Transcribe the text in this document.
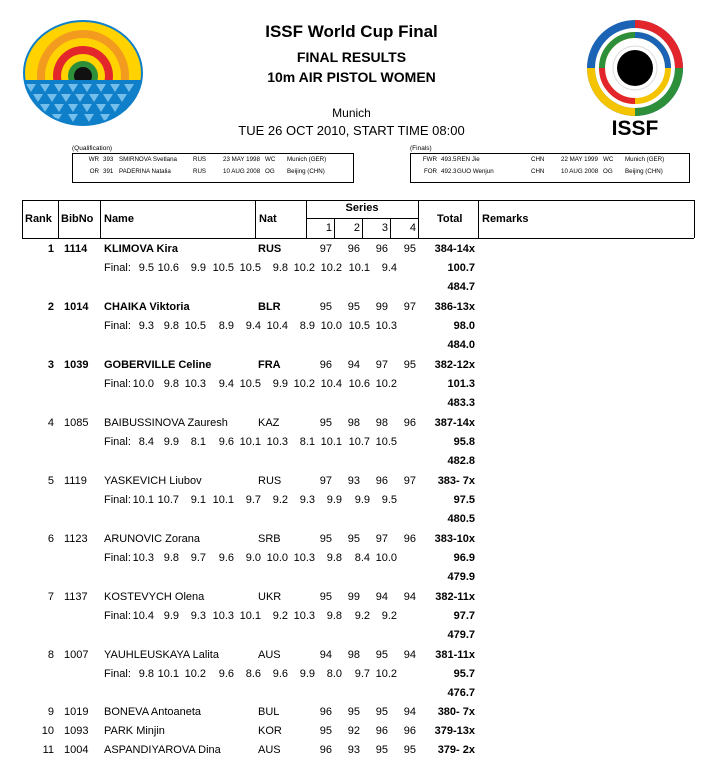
ISSF
ISSF World Cup Final
FINAL RESULTS
10m AIR PISTOL WOMEN
Munich
TUE 26 OCT 2010, START TIME 08:00
(Qualification)
WR 393 SMIRNOVA Svetlana	RUS	23 MAY 1998 WC Munich (GER)
OR 391 PADERINA Natalia	RUS	10 AUG 2008 OG Beijing (CHN)
(Finals)
FWR 493.5 REN Jie	CHN	22 MAY 1999 WC Munich (GER)
FOR 492.3 GUO Wenjun	CHN	10 AUG 2008 OG Beijing (CHN)
Rank BibNo Name	Nat
Series
1	2	3	4
Total Remarks
1 1114 KLIMOVA Kira	RUS	97	96	96	95	384-14x
Final: 9.5 10.6	9.9 10.5 10.5	9.8 10.2 10.2 10.1	9.4	100.7
484.7
2 1014 CHAIKA Viktoria	BLR	95	95	99	97	386-13x
Final: 9.3 9.8 10.5	8.9	9.4 10.4	8.9 10.0 10.5 10.3	98.0
484.0
3 1039 GOBERVILLE Celine	FRA	96	94	97	95	382-12x
Final: 10.0 9.8 10.3	9.4 10.5	9.9 10.2 10.4 10.6 10.2	101.3
483.3
4 1085 BAIBUSSINOVA Zauresh	KAZ	95	98	98	96	387-14x
Final: 8.4 9.9	8.1	9.6 10.1 10.3	8.1 10.1 10.7 10.5	95.8
482.8
5 1119 YASKEVICH Liubov	RUS	97	93	96	97	383- 7x
Final: 10.1 10.7	9.1 10.1	9.7	9.2	9.3	9.9	9.9	9.5	97.5
480.5
6 1123 ARUNOVIC Zorana	SRB	95	95	97	96	383-10x
Final: 10.3 9.8	9.7	9.6	9.0 10.0 10.3	9.8	8.4 10.0	96.9
479.9
7 1137 KOSTEVYCH Olena	UKR	95	99	94	94	382-11x
Final: 10.4 9.9	9.3 10.3 10.1	9.2 10.3	9.8	9.2	9.2	97.7
479.7
8 1007 YAUHLEUSKAYA Lalita	AUS	94	98	95	94	381-11x
Final: 9.8 10.1 10.2	9.6	8.6	9.6	9.9	8.0	9.7 10.2	95.7
476.7
9 1019 BONEVA Antoaneta	BUL	96	95	95	94	380- 7x
10 1093 PARK Minjin	KOR	95	92	96	96	379-13x
11 1004 ASPANDIYAROVA Dina	AUS	96	93	95	95	379- 2x
